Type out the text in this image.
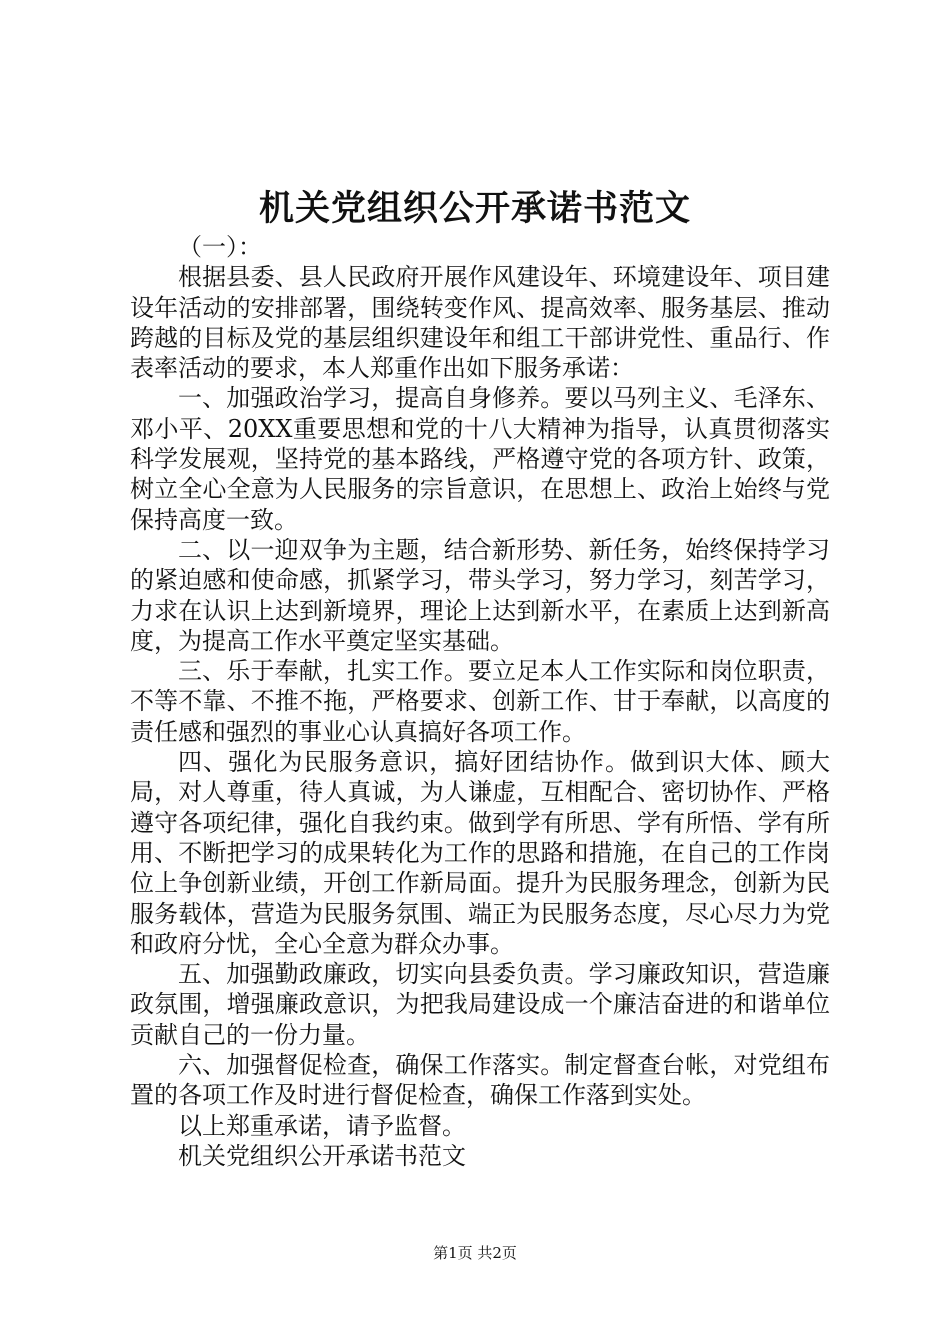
机关党组织公开承诺书范文

（一）：

根据县委、县人民政府开展作风建设年、环境建设年、项目建设年活动的安排部署，围绕转变作风、提高效率、服务基层、推动跨越的目标及党的基层组织建设年和组工干部讲党性、重品行、作表率活动的要求，本人郑重作出如下服务承诺：

一、加强政治学习，提高自身修养。要以马列主义、毛泽东、邓小平、20XX重要思想和党的十八大精神为指导，认真贯彻落实科学发展观，坚持党的基本路线，严格遵守党的各项方针、政策，树立全心全意为人民服务的宗旨意识，在思想上、政治上始终与党保持高度一致。

二、以一迎双争为主题，结合新形势、新任务，始终保持学习的紧迫感和使命感，抓紧学习，带头学习，努力学习，刻苦学习，力求在认识上达到新境界，理论上达到新水平，在素质上达到新高度，为提高工作水平奠定坚实基础。

三、乐于奉献，扎实工作。要立足本人工作实际和岗位职责，不等不靠、不推不拖，严格要求、创新工作、甘于奉献，以高度的责任感和强烈的事业心认真搞好各项工作。

四、强化为民服务意识，搞好团结协作。做到识大体、顾大局，对人尊重，待人真诚，为人谦虚，互相配合、密切协作、严格遵守各项纪律，强化自我约束。做到学有所思、学有所悟、学有所用、不断把学习的成果转化为工作的思路和措施，在自己的工作岗位上争创新业绩，开创工作新局面。提升为民服务理念，创新为民服务载体，营造为民服务氛围、端正为民服务态度，尽心尽力为党和政府分忧，全心全意为群众办事。

五、加强勤政廉政，切实向县委负责。学习廉政知识，营造廉政氛围，增强廉政意识，为把我局建设成一个廉洁奋进的和谐单位贡献自己的一份力量。

六、加强督促检查，确保工作落实。制定督查台帐，对党组布置的各项工作及时进行督促检查，确保工作落到实处。

以上郑重承诺，请予监督。

机关党组织公开承诺书范文

第1页 共2页
